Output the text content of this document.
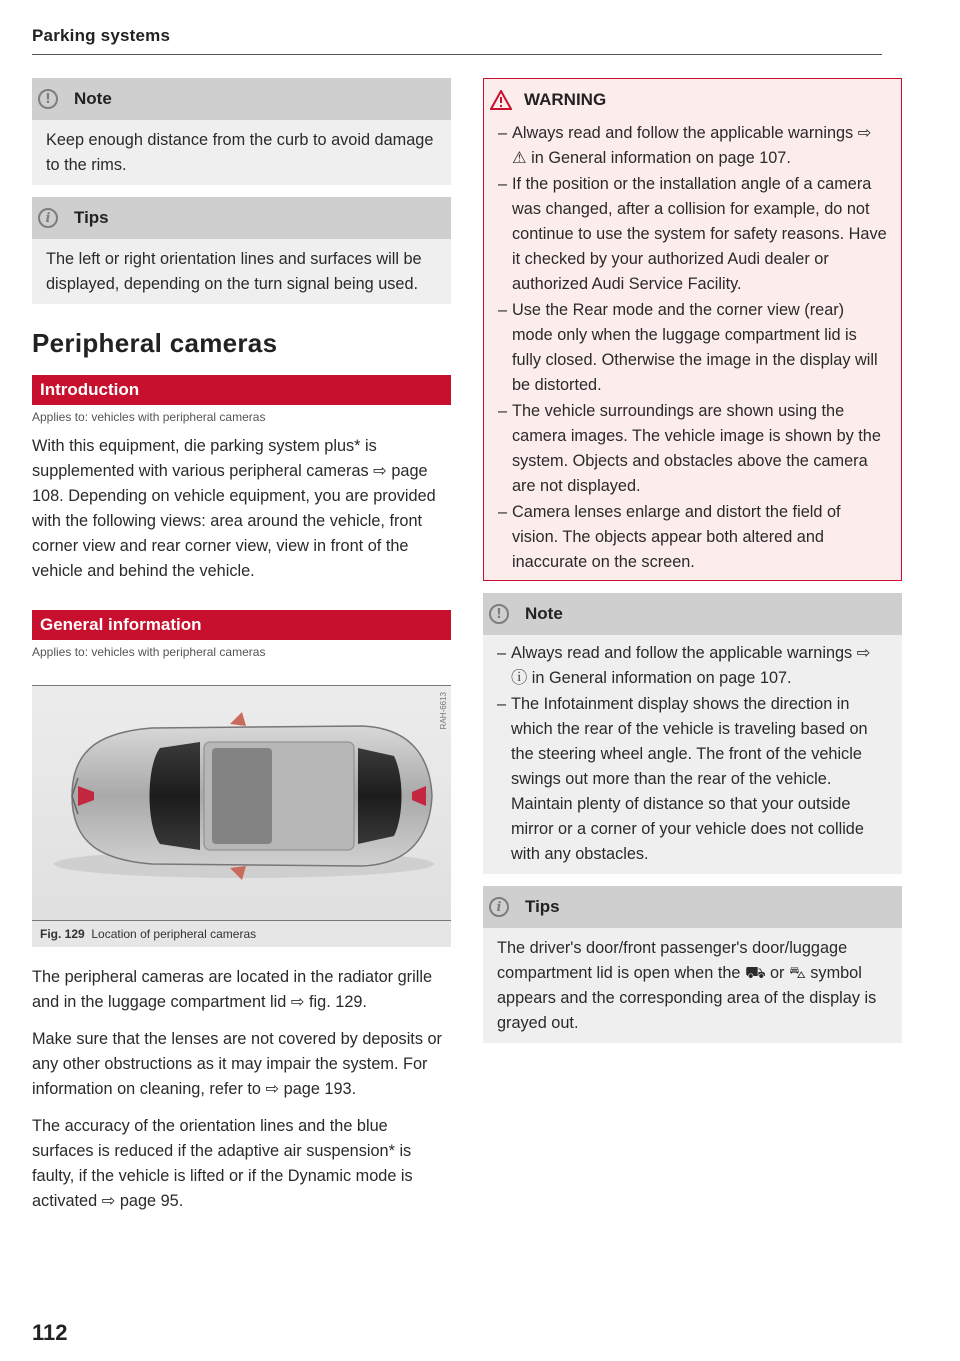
Parking systems
!	Note
Keep enough distance from the curb to avoid damage to the rims.
i	Tips
The left or right orientation lines and surfaces will be displayed, depending on the turn signal being used.
Peripheral cameras
Introduction
Applies to: vehicles with peripheral cameras

With this equipment, die parking system plus* is supplemented with various peripheral cameras ⇨ page 108. Depending on vehicle equipment, you are provided with the following views: area around the vehicle, front corner view and rear corner view, view in front of the vehicle and behind the vehicle.

General information
Applies to: vehicles with peripheral cameras
RAH-6613
Fig. 129 Location of peripheral cameras

The peripheral cameras are located in the radiator grille and in the luggage compartment lid ⇨ fig. 129.

Make sure that the lenses are not covered by deposits or any other obstructions as it may impair the system. For information on cleaning, refer to ⇨ page 193.

The accuracy of the orientation lines and the blue surfaces is reduced if the adaptive air suspension* is faulty, if the vehicle is lifted or if the Dynamic mode is activated ⇨ page 95.

WARNING
– Always read and follow the applicable warnings ⇨ ⚠ in General information on page 107.
– If the position or the installation angle of a camera was changed, after a collision for example, do not continue to use the system for safety reasons. Have it checked by your authorized Audi dealer or authorized Audi Service Facility.
– Use the Rear mode and the corner view (rear) mode only when the luggage compartment lid is fully closed. Otherwise the image in the display will be distorted.
– The vehicle surroundings are shown using the camera images. The vehicle image is shown by the system. Objects and obstacles above the camera are not displayed.
– Camera lenses enlarge and distort the field of vision. The objects appear both altered and inaccurate on the screen.
!	Note
– Always read and follow the applicable warnings ⇨ ⓘ in General information on page 107.
– The Infotainment display shows the direction in which the rear of the vehicle is traveling based on the steering wheel angle. The front of the vehicle swings out more than the rear of the vehicle. Maintain plenty of distance so that your outside mirror or a corner of your vehicle does not collide with any obstacles.
i	Tips
The driver's door/front passenger's door/luggage compartment lid is open when the ⛟ or ⛍ symbol appears and the corresponding area of the display is grayed out.
112
